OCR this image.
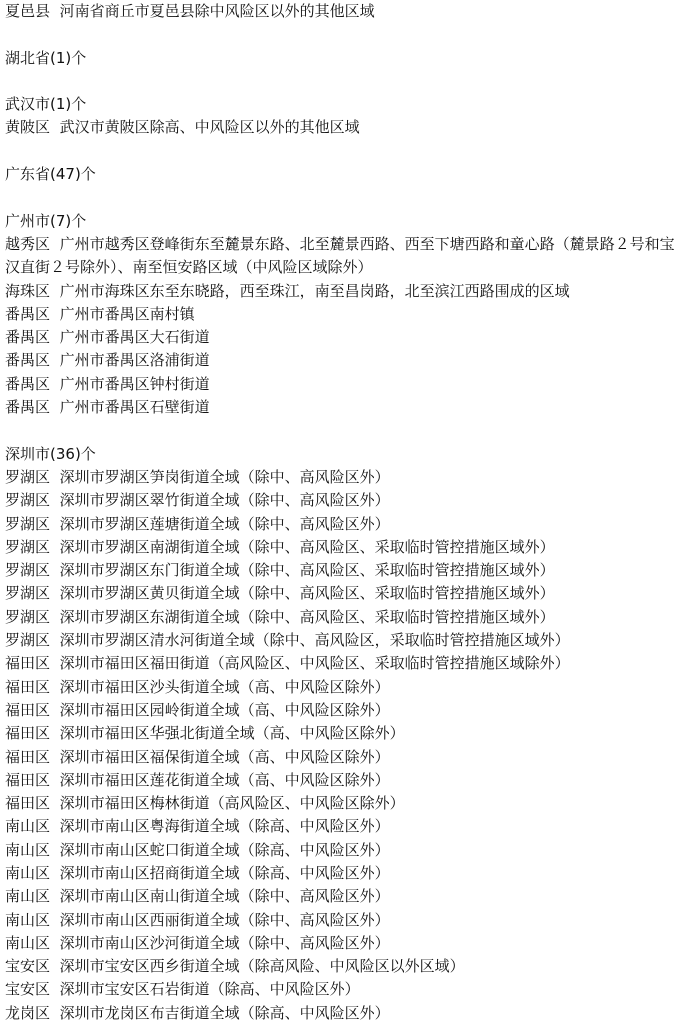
夏邑县 河南省商丘市夏邑县除中风险区以外的其他区域
湖北省(1)个
武汉市(1)个
黄陂区 武汉市黄陂区除高、中风险区以外的其他区域
广东省(47)个
广州市(7)个
越秀区 广州市越秀区登峰街东至麓景东路、北至麓景西路、西至下塘西路和童心路（麓景路２号和宝汉直街２号除外）、南至恒安路区域（中风险区域除外）
海珠区 广州市海珠区东至东晓路，西至珠江，南至昌岗路，北至滨江西路围成的区域
番禺区 广州市番禺区南村镇
番禺区 广州市番禺区大石街道
番禺区 广州市番禺区洛浦街道
番禺区 广州市番禺区钟村街道
番禺区 广州市番禺区石壁街道
深圳市(36)个
罗湖区 深圳市罗湖区笋岗街道全域（除中、高风险区外）
罗湖区 深圳市罗湖区翠竹街道全域（除中、高风险区外）
罗湖区 深圳市罗湖区莲塘街道全域（除中、高风险区外）
罗湖区 深圳市罗湖区南湖街道全域（除中、高风险区、采取临时管控措施区域外）
罗湖区 深圳市罗湖区东门街道全域（除中、高风险区、采取临时管控措施区域外）
罗湖区 深圳市罗湖区黄贝街道全域（除中、高风险区、采取临时管控措施区域外）
罗湖区 深圳市罗湖区东湖街道全域（除中、高风险区、采取临时管控措施区域外）
罗湖区 深圳市罗湖区清水河街道全域（除中、高风险区，采取临时管控措施区域外）
福田区 深圳市福田区福田街道（高风险区、中风险区、采取临时管控措施区域除外）
福田区 深圳市福田区沙头街道全域（高、中风险区除外）
福田区 深圳市福田区园岭街道全域（高、中风险区除外）
福田区 深圳市福田区华强北街道全域（高、中风险区除外）
福田区 深圳市福田区福保街道全域（高、中风险区除外）
福田区 深圳市福田区莲花街道全域（高、中风险区除外）
福田区 深圳市福田区梅林街道（高风险区、中风险区除外）
南山区 深圳市南山区粤海街道全域（除高、中风险区外）
南山区 深圳市南山区蛇口街道全域（除高、中风险区外）
南山区 深圳市南山区招商街道全域（除高、中风险区外）
南山区 深圳市南山区南山街道全域（除中、高风险区外）
南山区 深圳市南山区西丽街道全域（除中、高风险区外）
南山区 深圳市南山区沙河街道全域（除中、高风险区外）
宝安区 深圳市宝安区西乡街道全域（除高风险、中风险区以外区域）
宝安区 深圳市宝安区石岩街道（除高、中风险区外）
龙岗区 深圳市龙岗区布吉街道全域（除高、中风险区外）
